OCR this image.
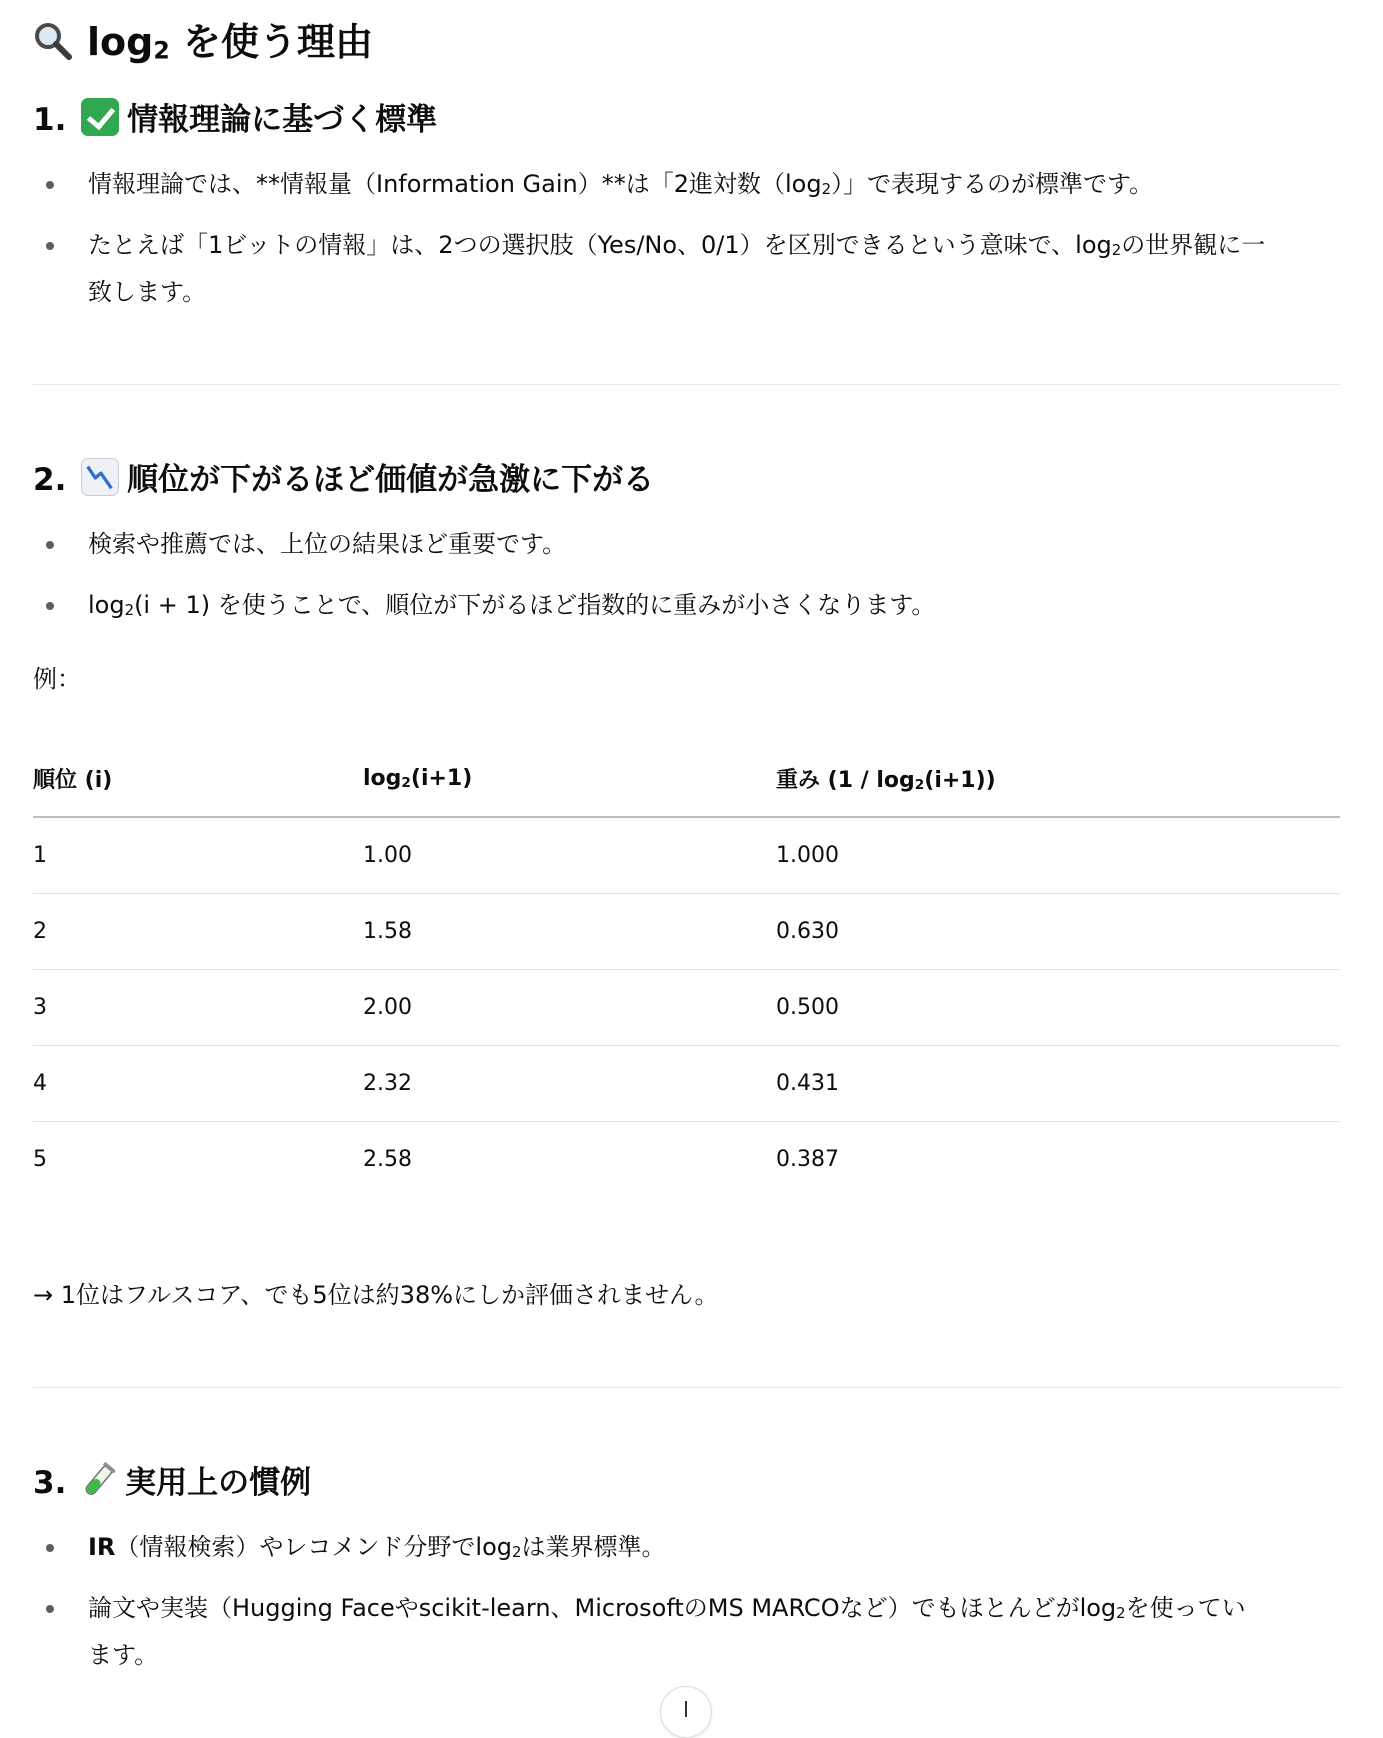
$\log_2$ を使う理由
1. 情報理論に基づく標準
情報理論では、**情報量（Information Gain）**は「2進対数$(\log_2)$」で表現するのが標準です。
たとえば「1ビットの情報」は、2つの選択肢（Yes/No、0/1）を区別できるという意味で、$\log_2$の世界観に一
致します。
2. 順位が下がるほど価値が急激に下がる
検索や推薦では、上位の結果ほど重要です。
$\log_2(i + 1)$ を使うことで、順位が下がるほど指数的に重みが小さくなります。
例：
順位 (i)	$\log_2(i+1)$	重み $(1 / \log_2(i+1))$
1	1.00	1.000
2	1.58	0.630
3	2.00	0.500
4	2.32	0.431
5	2.58	0.387
→ 1位はフルスコア、でも5位は約38%にしか評価されません。
3. 実用上の慣例
IR（情報検索）やレコメンド分野で$\log_2$は業界標準。
論文や実装（Hugging Faceやscikit-learn、MicrosoftのMS MARCOなど）でもほとんどが$\log_2$を使ってい
ます。
